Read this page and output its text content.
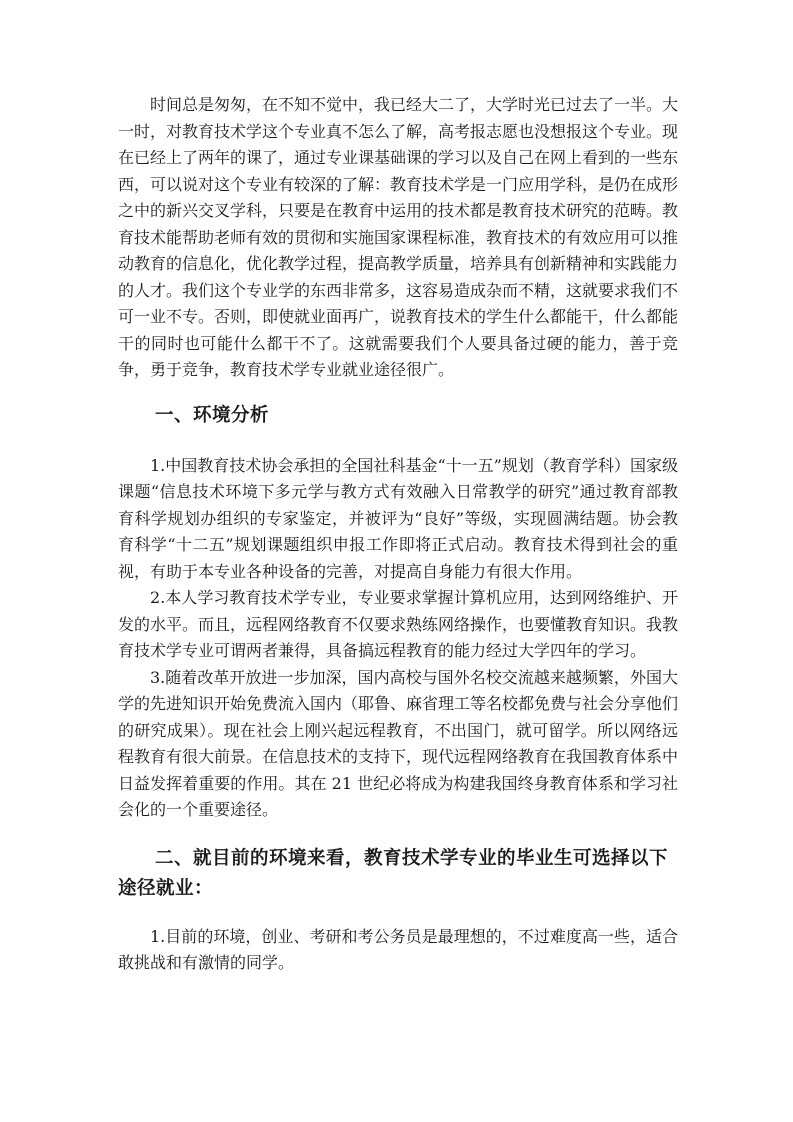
时间总是匆匆，在不知不觉中，我已经大二了，大学时光已过去了一半。大一时，对教育技术学这个专业真不怎么了解，高考报志愿也没想报这个专业。现在已经上了两年的课了，通过专业课基础课的学习以及自己在网上看到的一些东西，可以说对这个专业有较深的了解：教育技术学是一门应用学科，是仍在成形之中的新兴交叉学科，只要是在教育中运用的技术都是教育技术研究的范畴。教育技术能帮助老师有效的贯彻和实施国家课程标准，教育技术的有效应用可以推动教育的信息化，优化教学过程，提高教学质量，培养具有创新精神和实践能力的人才。我们这个专业学的东西非常多，这容易造成杂而不精，这就要求我们不可一业不专。否则，即使就业面再广，说教育技术的学生什么都能干，什么都能干的同时也可能什么都干不了。这就需要我们个人要具备过硬的能力，善于竞争，勇于竞争，教育技术学专业就业途径很广。

一、环境分析

1.中国教育技术协会承担的全国社科基金“十一五”规划（教育学科）国家级课题“信息技术环境下多元学与教方式有效融入日常教学的研究”通过教育部教育科学规划办组织的专家鉴定，并被评为“良好”等级，实现圆满结题。协会教育科学“十二五”规划课题组织申报工作即将正式启动。教育技术得到社会的重视，有助于本专业各种设备的完善，对提高自身能力有很大作用。

2.本人学习教育技术学专业，专业要求掌握计算机应用，达到网络维护、开发的水平。而且，远程网络教育不仅要求熟练网络操作，也要懂教育知识。我教育技术学专业可谓两者兼得，具备搞远程教育的能力经过大学四年的学习。

3.随着改革开放进一步加深，国内高校与国外名校交流越来越频繁，外国大学的先进知识开始免费流入国内（耶鲁、麻省理工等名校都免费与社会分享他们的研究成果）。现在社会上刚兴起远程教育，不出国门，就可留学。所以网络远程教育有很大前景。在信息技术的支持下，现代远程网络教育在我国教育体系中日益发挥着重要的作用。其在 21 世纪必将成为构建我国终身教育体系和学习社会化的一个重要途径。

二、就目前的环境来看，教育技术学专业的毕业生可选择以下途径就业：

1.目前的环境，创业、考研和考公务员是最理想的，不过难度高一些，适合敢挑战和有激情的同学。
